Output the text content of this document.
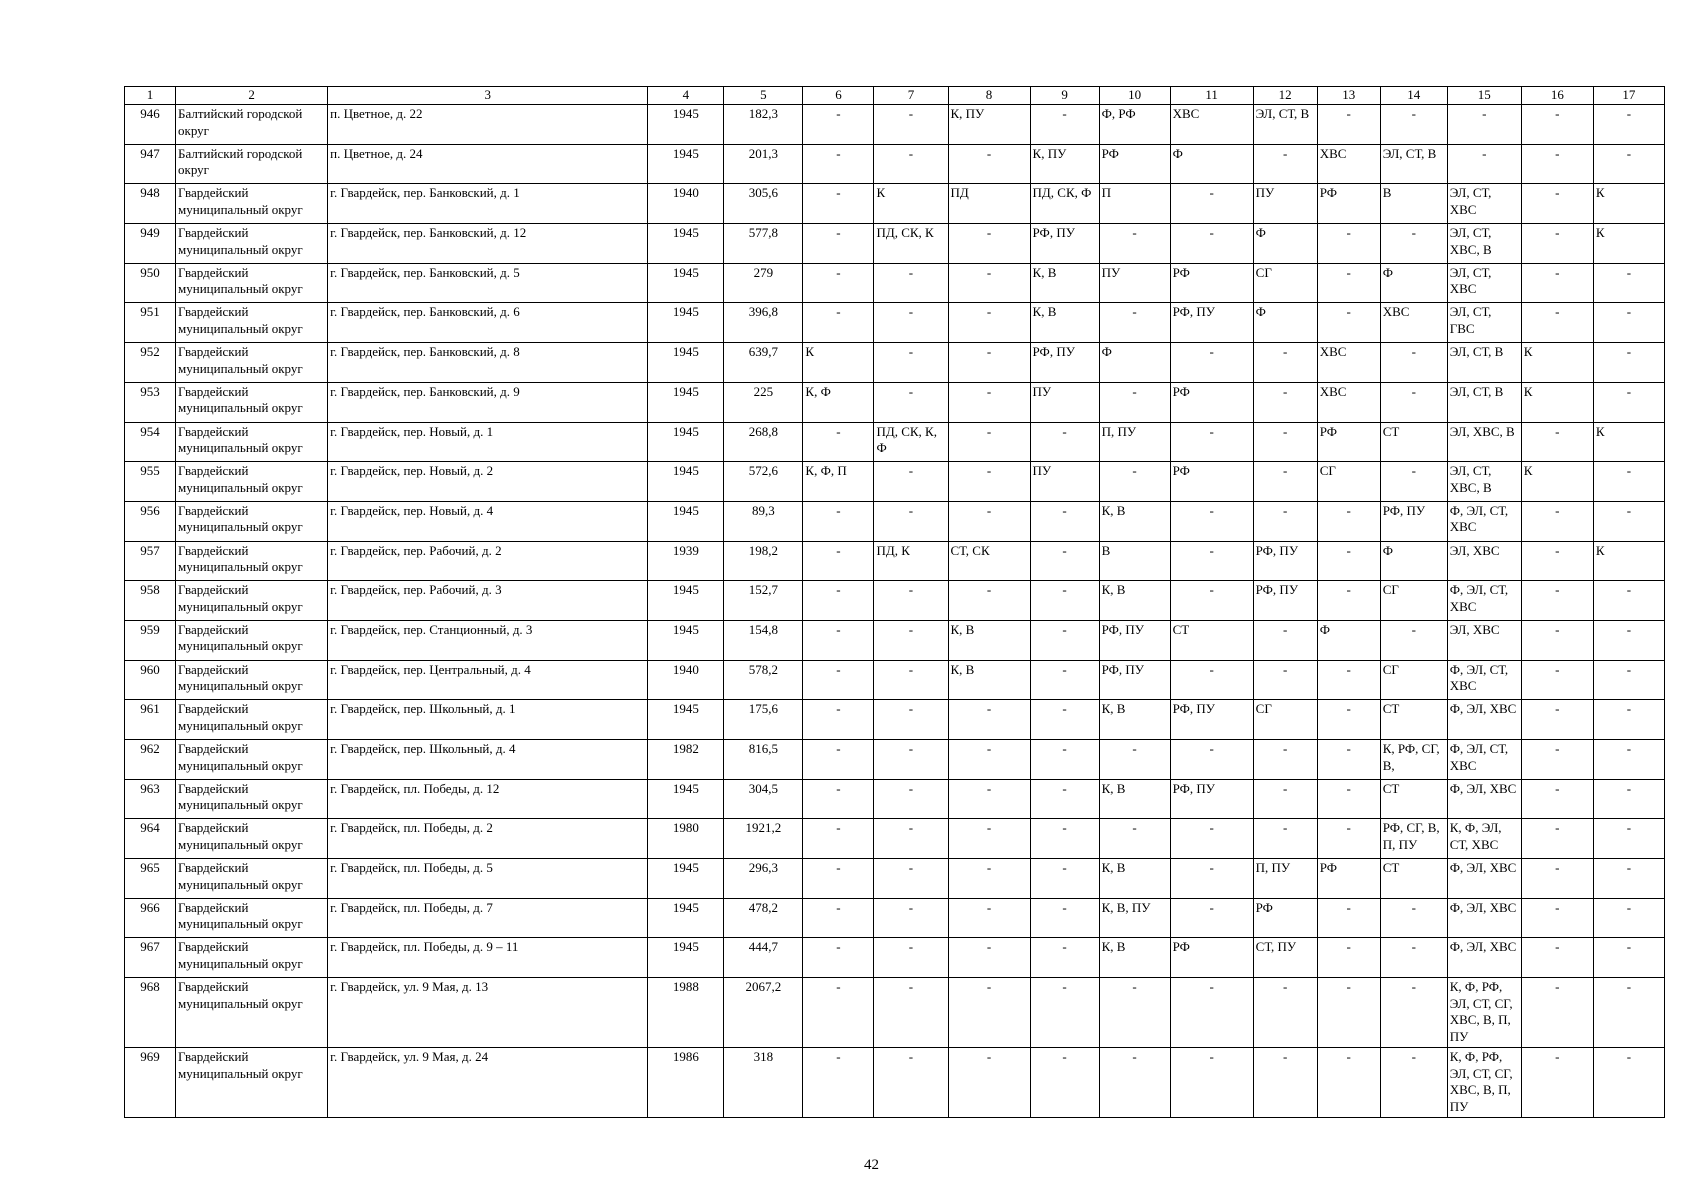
1	2	3	4	5	6	7	8	9	10	11	12	13	14	15	16	17
946	Балтийский городской округ	п. Цветное, д. 22	1945	182,3	-	-	К, ПУ	-	Ф, РФ	ХВС	ЭЛ, СТ, В	-	-	-	-	-
947	Балтийский городской округ	п. Цветное, д. 24	1945	201,3	-	-	-	К, ПУ	РФ	Ф	-	ХВС	ЭЛ, СТ, В	-	-	-
948	Гвардейский муниципальный округ	г. Гвардейск, пер. Банковский, д. 1	1940	305,6	-	К	ПД	ПД, СК, Ф	П	-	ПУ	РФ	В	ЭЛ, СТ, ХВС	-	К
949	Гвардейский муниципальный округ	г. Гвардейск, пер. Банковский, д. 12	1945	577,8	-	ПД, СК, К	-	РФ, ПУ	-	-	Ф	-	-	ЭЛ, СТ, ХВС, В	-	К
950	Гвардейский муниципальный округ	г. Гвардейск, пер. Банковский, д. 5	1945	279	-	-	-	К, В	ПУ	РФ	СГ	-	Ф	ЭЛ, СТ, ХВС	-	-
951	Гвардейский муниципальный округ	г. Гвардейск, пер. Банковский, д. 6	1945	396,8	-	-	-	К, В	-	РФ, ПУ	Ф	-	ХВС	ЭЛ, СТ, ГВС	-	-
952	Гвардейский муниципальный округ	г. Гвардейск, пер. Банковский, д. 8	1945	639,7	К	-	-	РФ, ПУ	Ф	-	-	ХВС	-	ЭЛ, СТ, В	К	-
953	Гвардейский муниципальный округ	г. Гвардейск, пер. Банковский, д. 9	1945	225	К, Ф	-	-	ПУ	-	РФ	-	ХВС	-	ЭЛ, СТ, В	К	-
954	Гвардейский муниципальный округ	г. Гвардейск, пер. Новый, д. 1	1945	268,8	-	ПД, СК, К, Ф	-	-	П, ПУ	-	-	РФ	СТ	ЭЛ, ХВС, В	-	К
955	Гвардейский муниципальный округ	г. Гвардейск, пер. Новый, д. 2	1945	572,6	К, Ф, П	-	-	ПУ	-	РФ	-	СГ	-	ЭЛ, СТ, ХВС, В	К	-
956	Гвардейский муниципальный округ	г. Гвардейск, пер. Новый, д. 4	1945	89,3	-	-	-	-	К, В	-	-	-	РФ, ПУ	Ф, ЭЛ, СТ, ХВС	-	-
957	Гвардейский муниципальный округ	г. Гвардейск, пер. Рабочий, д. 2	1939	198,2	-	ПД, К	СТ, СК	-	В	-	РФ, ПУ	-	Ф	ЭЛ, ХВС	-	К
958	Гвардейский муниципальный округ	г. Гвардейск, пер. Рабочий, д. 3	1945	152,7	-	-	-	-	К, В	-	РФ, ПУ	-	СГ	Ф, ЭЛ, СТ, ХВС	-	-
959	Гвардейский муниципальный округ	г. Гвардейск, пер. Станционный, д. 3	1945	154,8	-	-	К, В	-	РФ, ПУ	СТ	-	Ф	-	ЭЛ, ХВС	-	-
960	Гвардейский муниципальный округ	г. Гвардейск, пер. Центральный, д. 4	1940	578,2	-	-	К, В	-	РФ, ПУ	-	-	-	СГ	Ф, ЭЛ, СТ, ХВС	-	-
961	Гвардейский муниципальный округ	г. Гвардейск, пер. Школьный, д. 1	1945	175,6	-	-	-	-	К, В	РФ, ПУ	СГ	-	СТ	Ф, ЭЛ, ХВС	-	-
962	Гвардейский муниципальный округ	г. Гвардейск, пер. Школьный, д. 4	1982	816,5	-	-	-	-	-	-	-	-	К, РФ, СГ, В,	Ф, ЭЛ, СТ, ХВС	-	-
963	Гвардейский муниципальный округ	г. Гвардейск, пл. Победы, д. 12	1945	304,5	-	-	-	-	К, В	РФ, ПУ	-	-	СТ	Ф, ЭЛ, ХВС	-	-
964	Гвардейский муниципальный округ	г. Гвардейск, пл. Победы, д. 2	1980	1921,2	-	-	-	-	-	-	-	-	РФ, СГ, В, П, ПУ	К, Ф, ЭЛ, СТ, ХВС	-	-
965	Гвардейский муниципальный округ	г. Гвардейск, пл. Победы, д. 5	1945	296,3	-	-	-	-	К, В	-	П, ПУ	РФ	СТ	Ф, ЭЛ, ХВС	-	-
966	Гвардейский муниципальный округ	г. Гвардейск, пл. Победы, д. 7	1945	478,2	-	-	-	-	К, В, ПУ	-	РФ	-	-	Ф, ЭЛ, ХВС	-	-
967	Гвардейский муниципальный округ	г. Гвардейск, пл. Победы, д. 9 – 11	1945	444,7	-	-	-	-	К, В	РФ	СТ, ПУ	-	-	Ф, ЭЛ, ХВС	-	-
968	Гвардейский муниципальный округ	г. Гвардейск, ул. 9 Мая, д. 13	1988	2067,2	-	-	-	-	-	-	-	-	-	К, Ф, РФ, ЭЛ, СТ, СГ, ХВС, В, П, ПУ	-	-
969	Гвардейский муниципальный округ	г. Гвардейск, ул. 9 Мая, д. 24	1986	318	-	-	-	-	-	-	-	-	-	К, Ф, РФ, ЭЛ, СТ, СГ, ХВС, В, П, ПУ	-	-
42
